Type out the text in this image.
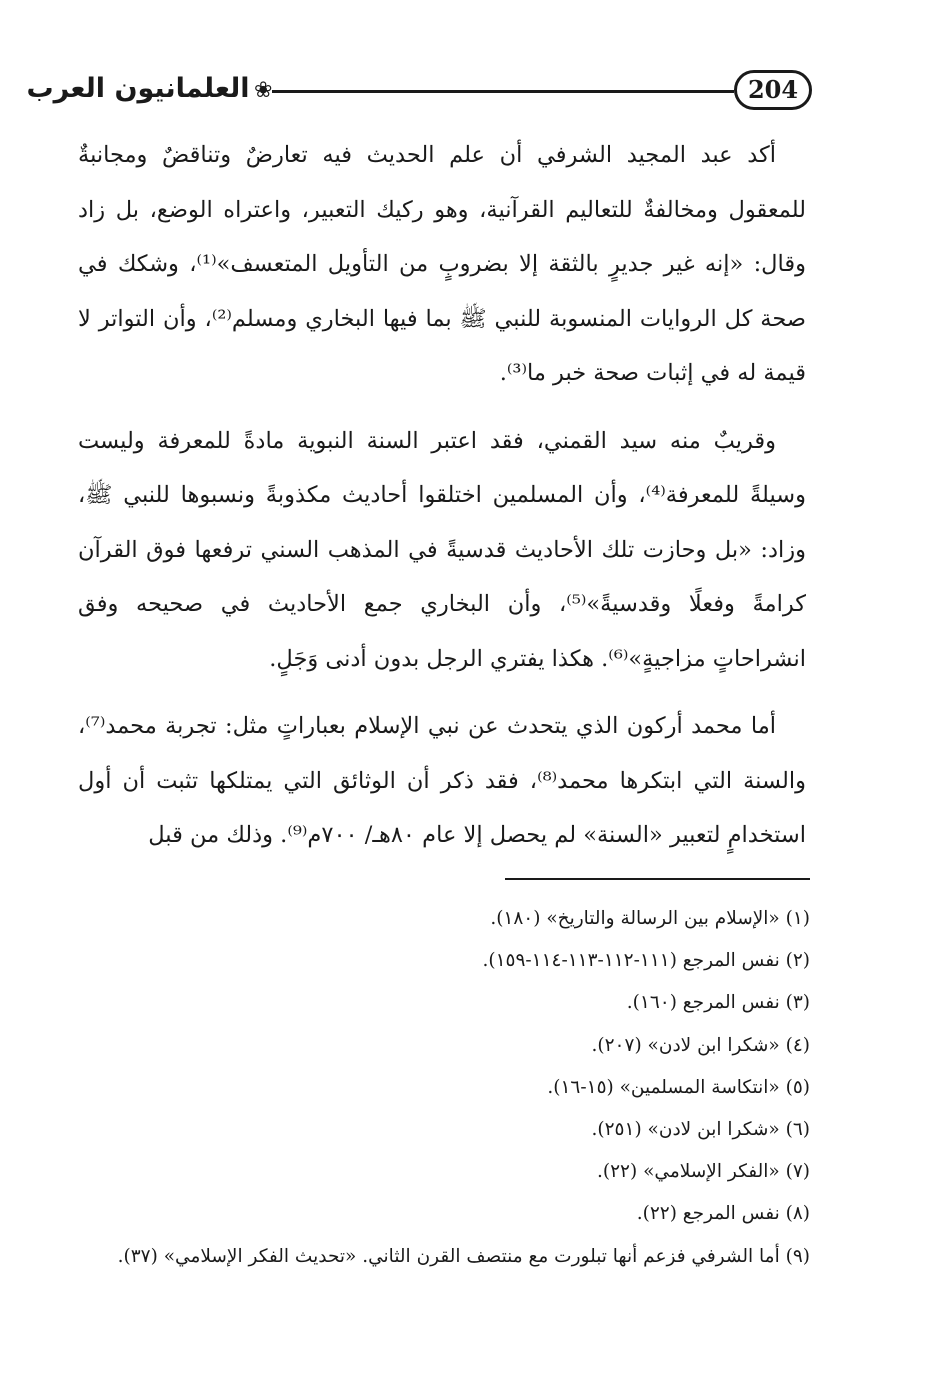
204
❀
العلمانيون العرب

أكد عبد المجيد الشرفي أن علم الحديث فيه تعارضٌ وتناقضٌ ومجانبةٌ للمعقول ومخالفةٌ للتعاليم القرآنية، وهو ركيك التعبير، واعتراه الوضع، بل زاد وقال: «إنه غير جديرٍ بالثقة إلا بضروبٍ من التأويل المتعسف»⁽¹⁾، وشكك في صحة كل الروايات المنسوبة للنبي ﷺ بما فيها البخاري ومسلم⁽²⁾، وأن التواتر لا قيمة له في إثبات صحة خبر ما⁽³⁾.

وقريبٌ منه سيد القمني، فقد اعتبر السنة النبوية مادةً للمعرفة وليست وسيلةً للمعرفة⁽⁴⁾، وأن المسلمين اختلقوا أحاديث مكذوبةً ونسبوها للنبي ﷺ، وزاد: «بل وحازت تلك الأحاديث قدسيةً في المذهب السني ترفعها فوق القرآن كرامةً وفعلًا وقدسيةً»⁽⁵⁾، وأن البخاري جمع الأحاديث في صحيحه وفق انشراحاتٍ مزاجيةٍ»⁽⁶⁾. هكذا يفتري الرجل بدون أدنى وَجَلٍ.

أما محمد أركون الذي يتحدث عن نبي الإسلام بعباراتٍ مثل: تجربة محمد⁽⁷⁾، والسنة التي ابتكرها محمد⁽⁸⁾، فقد ذكر أن الوثائق التي يمتلكها تثبت أن أول استخدامٍ لتعبير «السنة» لم يحصل إلا عام ٨٠هـ/ ٧٠٠م⁽⁹⁾. وذلك من قبل

(١) «الإسلام بين الرسالة والتاريخ» (١٨٠).
(٢) نفس المرجع (١١١-١١٢-١١٣-١١٤-١٥٩).
(٣) نفس المرجع (١٦٠).
(٤) «شكرا ابن لادن» (٢٠٧).
(٥) «انتكاسة المسلمين» (١٥-١٦).
(٦) «شكرا ابن لادن» (٢٥١).
(٧) «الفكر الإسلامي» (٢٢).
(٨) نفس المرجع (٢٢).
(٩) أما الشرفي فزعم أنها تبلورت مع منتصف القرن الثاني. «تحديث الفكر الإسلامي» (٣٧).
